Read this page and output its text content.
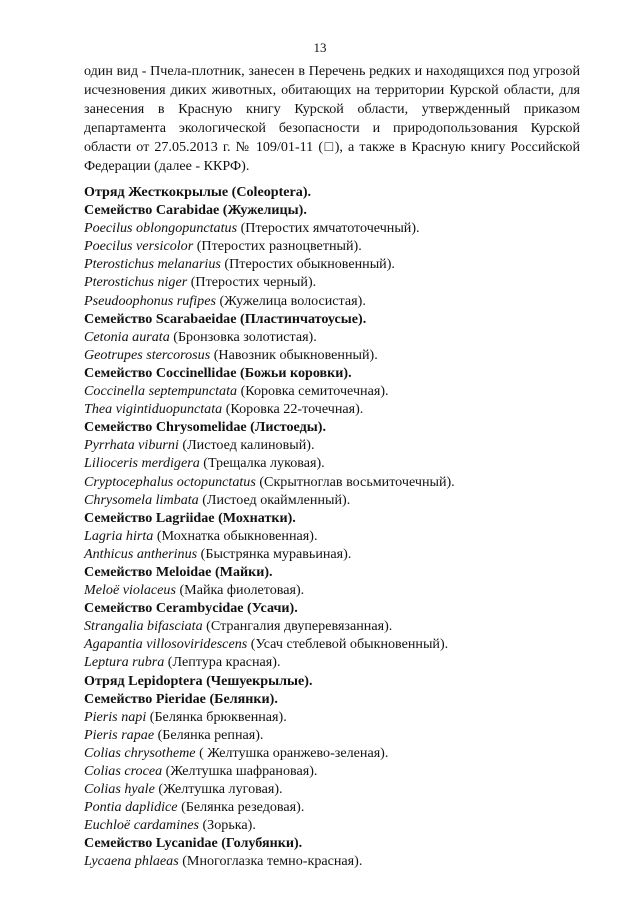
13
один вид - Пчела-плотник, занесен в Перечень редких и находящихся под угрозой исчезновения диких животных, обитающих на территории Курской области, для занесения в Красную книгу Курской области, утвержденный приказом департамента экологической безопасности и природопользования Курской области от 27.05.2013 г. № 109/01-11 (□), а также в Красную книгу Российской Федерации (далее - ККРФ).
Отряд Жесткокрылые (Coleoptera).
Семейство Carabidae (Жужелицы).
Poecilus oblongopunctatus (Птеростих ямчатоточечный).
Poecilus versicolor (Птеростих разноцветный).
Pterostichus melanarius (Птеростих обыкновенный).
Pterostichus niger (Птеростих черный).
Pseudoophonus rufipes (Жужелица волосистая).
Семейство Scarabaeidae (Пластинчатоусые).
Cetonia aurata (Бронзовка золотистая).
Geotrupes stercorosus (Навозник обыкновенный).
Семейство Coccinellidae (Божьи коровки).
Coccinella septempunctata (Коровка семиточечная).
Thea vigintiduopunctata (Коровка 22-точечная).
Семейство Chrysomelidae (Листоеды).
Pyrrhata viburni (Листоед калиновый).
Lilioceris merdigera (Трещалка луковая).
Cryptocephalus octopunctatus (Скрытноглав восьмиточечный).
Chrysomela limbata (Листоед окаймленный).
Семейство Lagriidae (Мохнатки).
Lagria hirta (Мохнатка обыкновенная).
Anthicus antherinus (Быстрянка муравьиная).
Семейство Meloidae (Майки).
Meloë violaceus (Майка фиолетовая).
Семейство Cerambycidae (Усачи).
Strangalia bifasciata (Странгалия двуперевязанная).
Agapantia villosoviridescens (Усач стеблевой обыкновенный).
Leptura rubra (Лептура красная).
Отряд Lepidoptera (Чешуекрылые).
Семейство Pieridae (Белянки).
Pieris napi (Белянка брюквенная).
Pieris rapae (Белянка репная).
Colias chrysotheme ( Желтушка оранжево-зеленая).
Colias crocea (Желтушка шафрановая).
Colias hyale (Желтушка луговая).
Pontia daplidice (Белянка резедовая).
Euchloë cardamines (Зорька).
Семейство Lycanidae (Голубянки).
Lycaena phlaeas (Многоглазка темно-красная).
